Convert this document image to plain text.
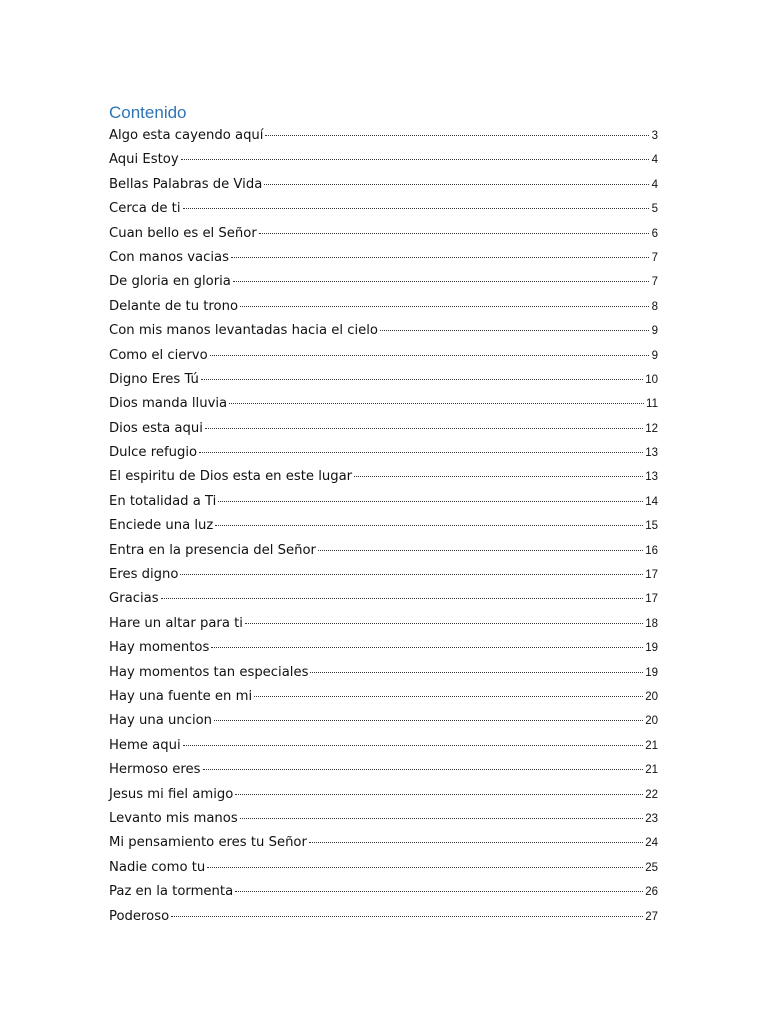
Contenido
Algo esta cayendo aquí	3
Aqui Estoy	4
Bellas Palabras de Vida	4
Cerca de ti	5
Cuan bello es el Señor	6
Con manos vacias	7
De gloria en gloria	7
Delante de tu trono	8
Con mis manos levantadas hacia el cielo	9
Como el ciervo	9
Digno Eres Tú	10
Dios manda lluvia	11
Dios esta aqui	12
Dulce refugio	13
El espiritu de Dios esta en este lugar	13
En totalidad a Ti	14
Enciede una luz	15
Entra en la presencia del Señor	16
Eres digno	17
Gracias	17
Hare un altar para ti	18
Hay momentos	19
Hay momentos tan especiales	19
Hay una fuente en mi	20
Hay una uncion	20
Heme aqui	21
Hermoso eres	21
Jesus mi fiel amigo	22
Levanto mis manos	23
Mi pensamiento eres tu Señor	24
Nadie como tu	25
Paz en la tormenta	26
Poderoso	27
